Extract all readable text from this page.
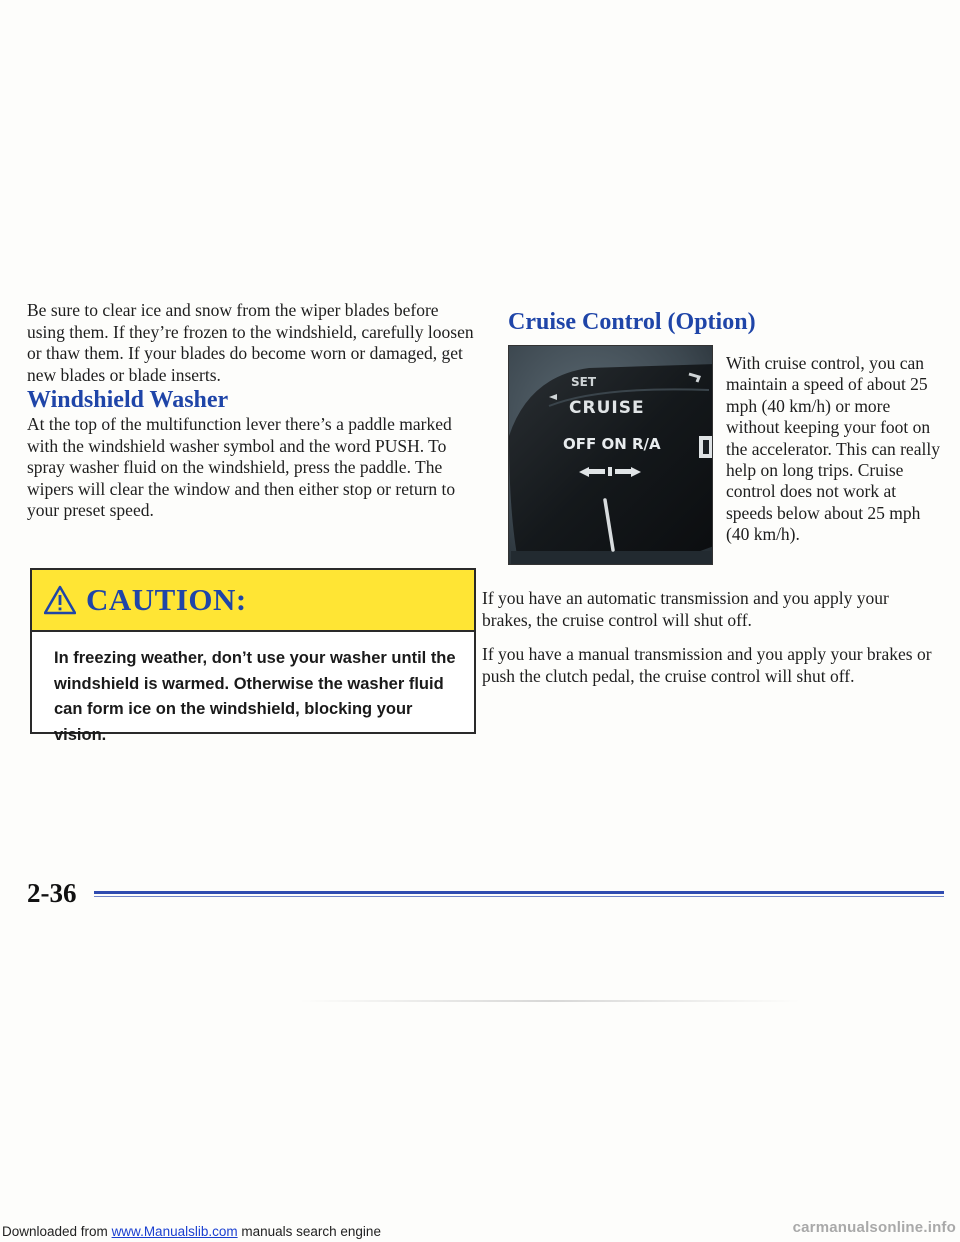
Be sure to clear ice and snow from the wiper blades before using them. If they’re frozen to the windshield, carefully loosen or thaw them. If your blades do become worn or damaged, get new blades or blade inserts.

Windshield Washer

At the top of the multifunction lever there’s a paddle marked with the windshield washer symbol and the word PUSH. To spray washer fluid on the windshield, press the paddle. The wipers will clear the window and then either stop or return to your preset speed.

CAUTION:

In freezing weather, don’t use your washer until the windshield is warmed. Otherwise the washer fluid can form ice on the windshield, blocking your vision.

Cruise Control (Option)
SET
CRUISE
OFF ON R/A

With cruise control, you can maintain a speed of about 25 mph (40 km/h) or more without keeping your foot on the accelerator. This can really help on long trips. Cruise control does not work at speeds below about 25 mph (40 km/h).

If you have an automatic transmission and you apply your brakes, the cruise control will shut off.

If you have a manual transmission and you apply your brakes or push the clutch pedal, the cruise control will shut off.

2-36
Downloaded from www.Manualslib.com manuals search engine	carmanualsonline.info
